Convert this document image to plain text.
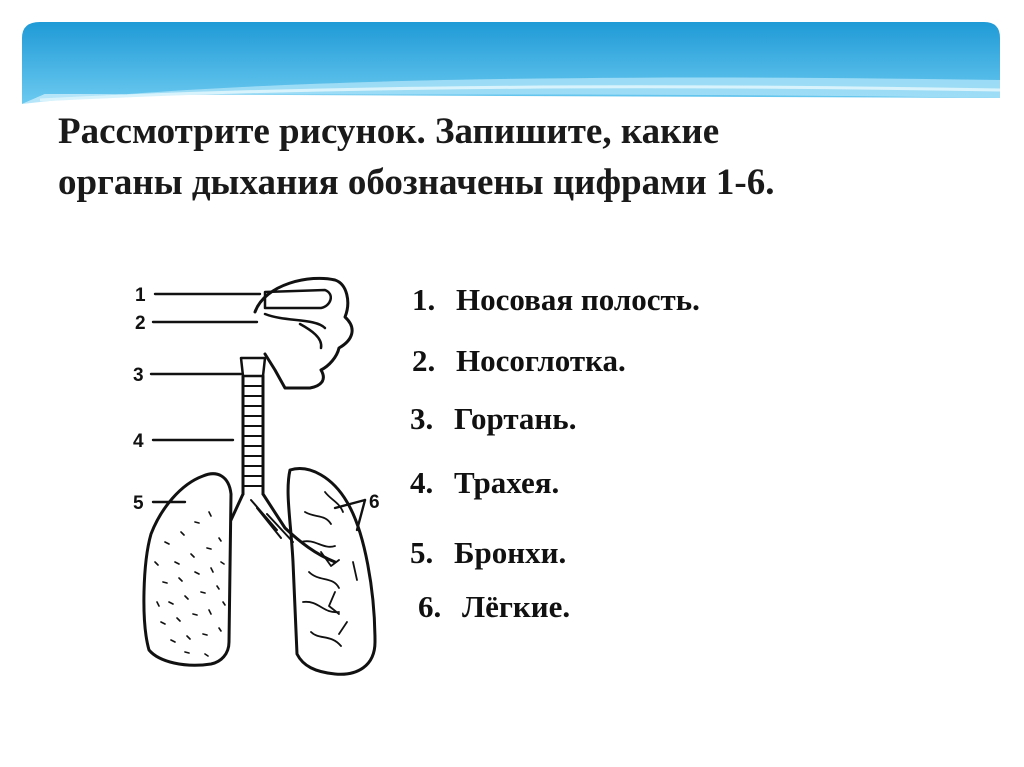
Рассмотрите рисунок. Запишите, какие
органы дыхания обозначены цифрами 1-6.
1
2
3
4
5	6
1. Носовая полость.
2. Носоглотка.
3. Гортань.
4. Трахея.
5. Бронхи.
6. Лёгкие.
